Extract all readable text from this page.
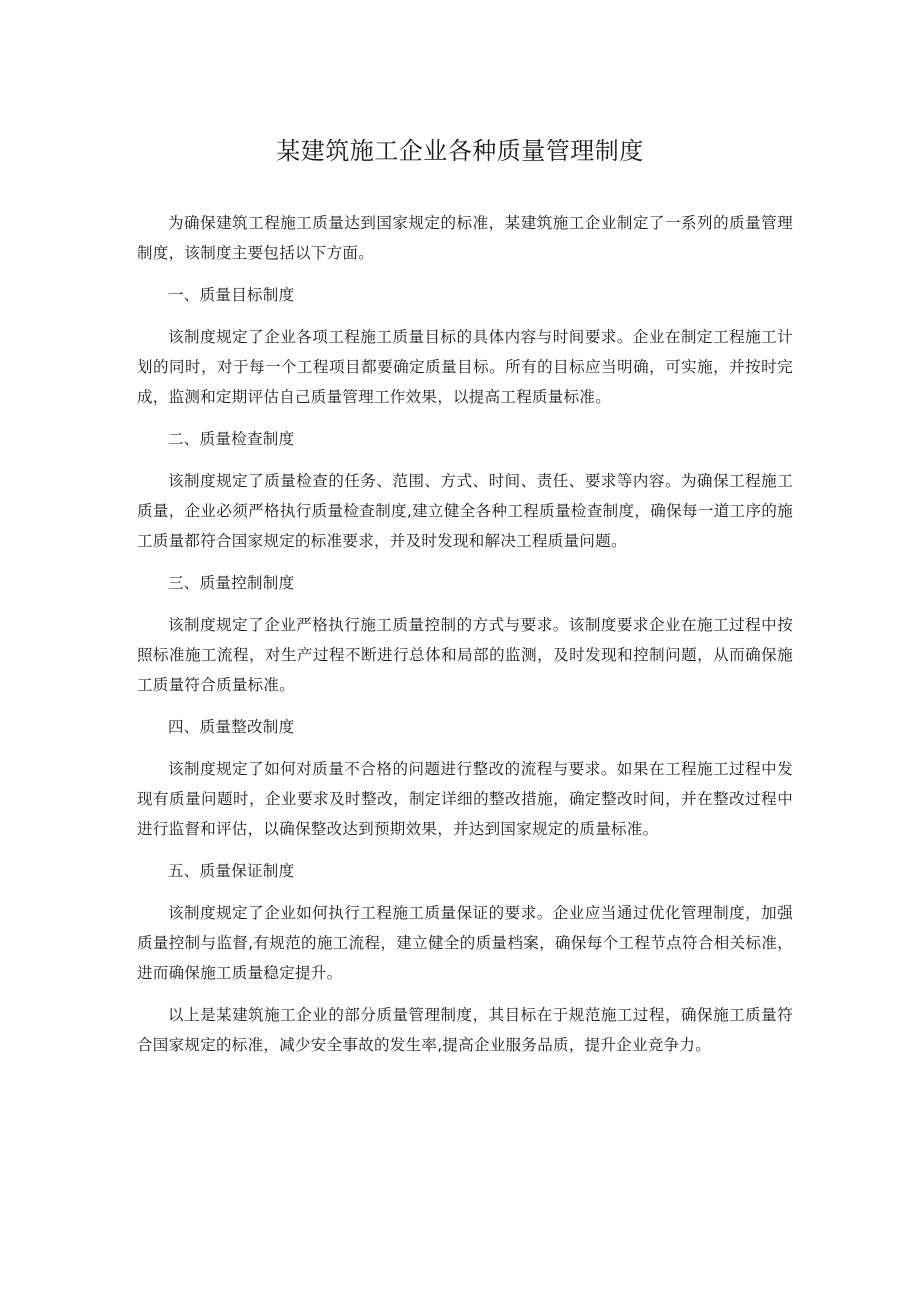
某建筑施工企业各种质量管理制度

为确保建筑工程施工质量达到国家规定的标准，某建筑施工企业制定了一系列的质量管理制度，该制度主要包括以下方面。

一、质量目标制度

该制度规定了企业各项工程施工质量目标的具体内容与时间要求。企业在制定工程施工计划的同时，对于每一个工程项目都要确定质量目标。所有的目标应当明确，可实施，并按时完成，监测和定期评估自己质量管理工作效果，以提高工程质量标准。

二、质量检查制度

该制度规定了质量检查的任务、范围、方式、时间、责任、要求等内容。为确保工程施工质量，企业必须严格执行质量检查制度,建立健全各种工程质量检查制度，确保每一道工序的施工质量都符合国家规定的标准要求，并及时发现和解决工程质量问题。

三、质量控制制度

该制度规定了企业严格执行施工质量控制的方式与要求。该制度要求企业在施工过程中按照标准施工流程，对生产过程不断进行总体和局部的监测，及时发现和控制问题，从而确保施工质量符合质量标准。

四、质量整改制度

该制度规定了如何对质量不合格的问题进行整改的流程与要求。如果在工程施工过程中发现有质量问题时，企业要求及时整改，制定详细的整改措施，确定整改时间，并在整改过程中进行监督和评估，以确保整改达到预期效果，并达到国家规定的质量标准。

五、质量保证制度

该制度规定了企业如何执行工程施工质量保证的要求。企业应当通过优化管理制度，加强质量控制与监督,有规范的施工流程，建立健全的质量档案，确保每个工程节点符合相关标准，进而确保施工质量稳定提升。

以上是某建筑施工企业的部分质量管理制度，其目标在于规范施工过程，确保施工质量符合国家规定的标准，减少安全事故的发生率,提高企业服务品质，提升企业竞争力。
